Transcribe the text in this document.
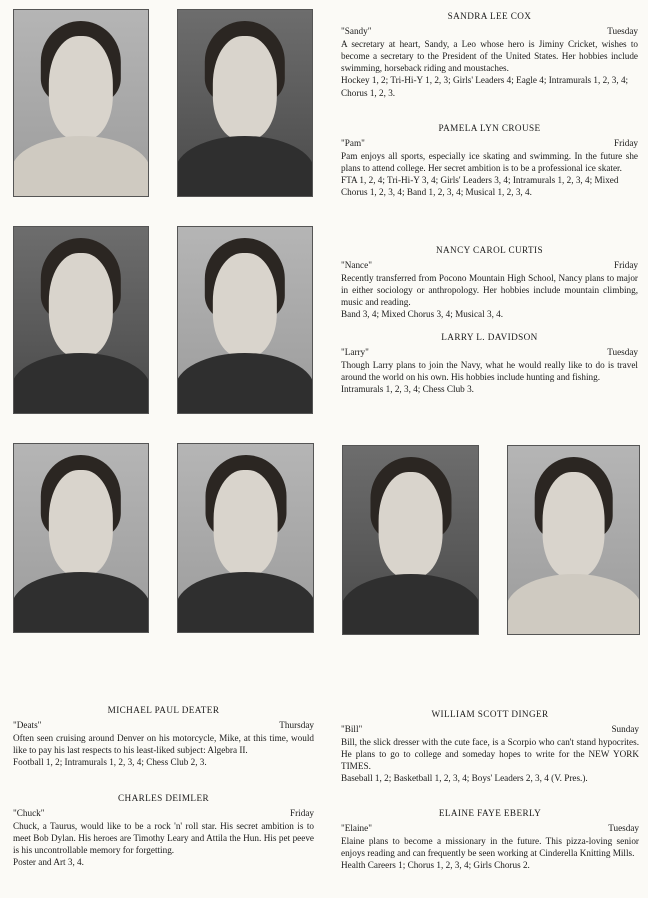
SANDRA LEE COX
"Sandy"	Tuesday
A secretary at heart, Sandy, a Leo whose hero is Jiminy Cricket, wishes to become a secretary to the President of the United States. Her hobbies include swimming, horseback riding and moustaches.
Hockey 1, 2; Tri-Hi-Y 1, 2, 3; Girls' Leaders 4; Eagle 4; Intramurals 1, 2, 3, 4; Chorus 1, 2, 3.
PAMELA LYN CROUSE
"Pam"	Friday
Pam enjoys all sports, especially ice skating and swimming. In the future she plans to attend college. Her secret ambition is to be a professional ice skater.
FTA 1, 2, 4; Tri-Hi-Y 3, 4; Girls' Leaders 3, 4; Intramurals 1, 2, 3, 4; Mixed Chorus 1, 2, 3, 4; Band 1, 2, 3, 4; Musical 1, 2, 3, 4.
NANCY CAROL CURTIS
"Nance"	Friday
Recently transferred from Pocono Mountain High School, Nancy plans to major in either sociology or anthropology. Her hobbies include mountain climbing, music and reading.
Band 3, 4; Mixed Chorus 3, 4; Musical 3, 4.
LARRY L. DAVIDSON
"Larry"	Tuesday
Though Larry plans to join the Navy, what he would really like to do is travel around the world on his own. His hobbies include hunting and fishing.
Intramurals 1, 2, 3, 4; Chess Club 3.
MICHAEL PAUL DEATER
"Deats"	Thursday
Often seen cruising around Denver on his motorcycle, Mike, at this time, would like to pay his last respects to his least-liked subject: Algebra II.
Football 1, 2; Intramurals 1, 2, 3, 4; Chess Club 2, 3.
CHARLES DEIMLER
"Chuck"	Friday
Chuck, a Taurus, would like to be a rock 'n' roll star. His secret ambition is to meet Bob Dylan. His heroes are Timothy Leary and Attila the Hun. His pet peeve is his uncontrollable memory for forgetting.
Poster and Art 3, 4.
WILLIAM SCOTT DINGER
"Bill"	Sunday
Bill, the slick dresser with the cute face, is a Scorpio who can't stand hypocrites. He plans to go to college and someday hopes to write for the NEW YORK TIMES.
Baseball 1, 2; Basketball 1, 2, 3, 4; Boys' Leaders 2, 3, 4 (V. Pres.).
ELAINE FAYE EBERLY
"Elaine"	Tuesday
Elaine plans to become a missionary in the future. This pizza-loving senior enjoys reading and can frequently be seen working at Cinderella Knitting Mills.
Health Careers 1; Chorus 1, 2, 3, 4; Girls Chorus 2.
